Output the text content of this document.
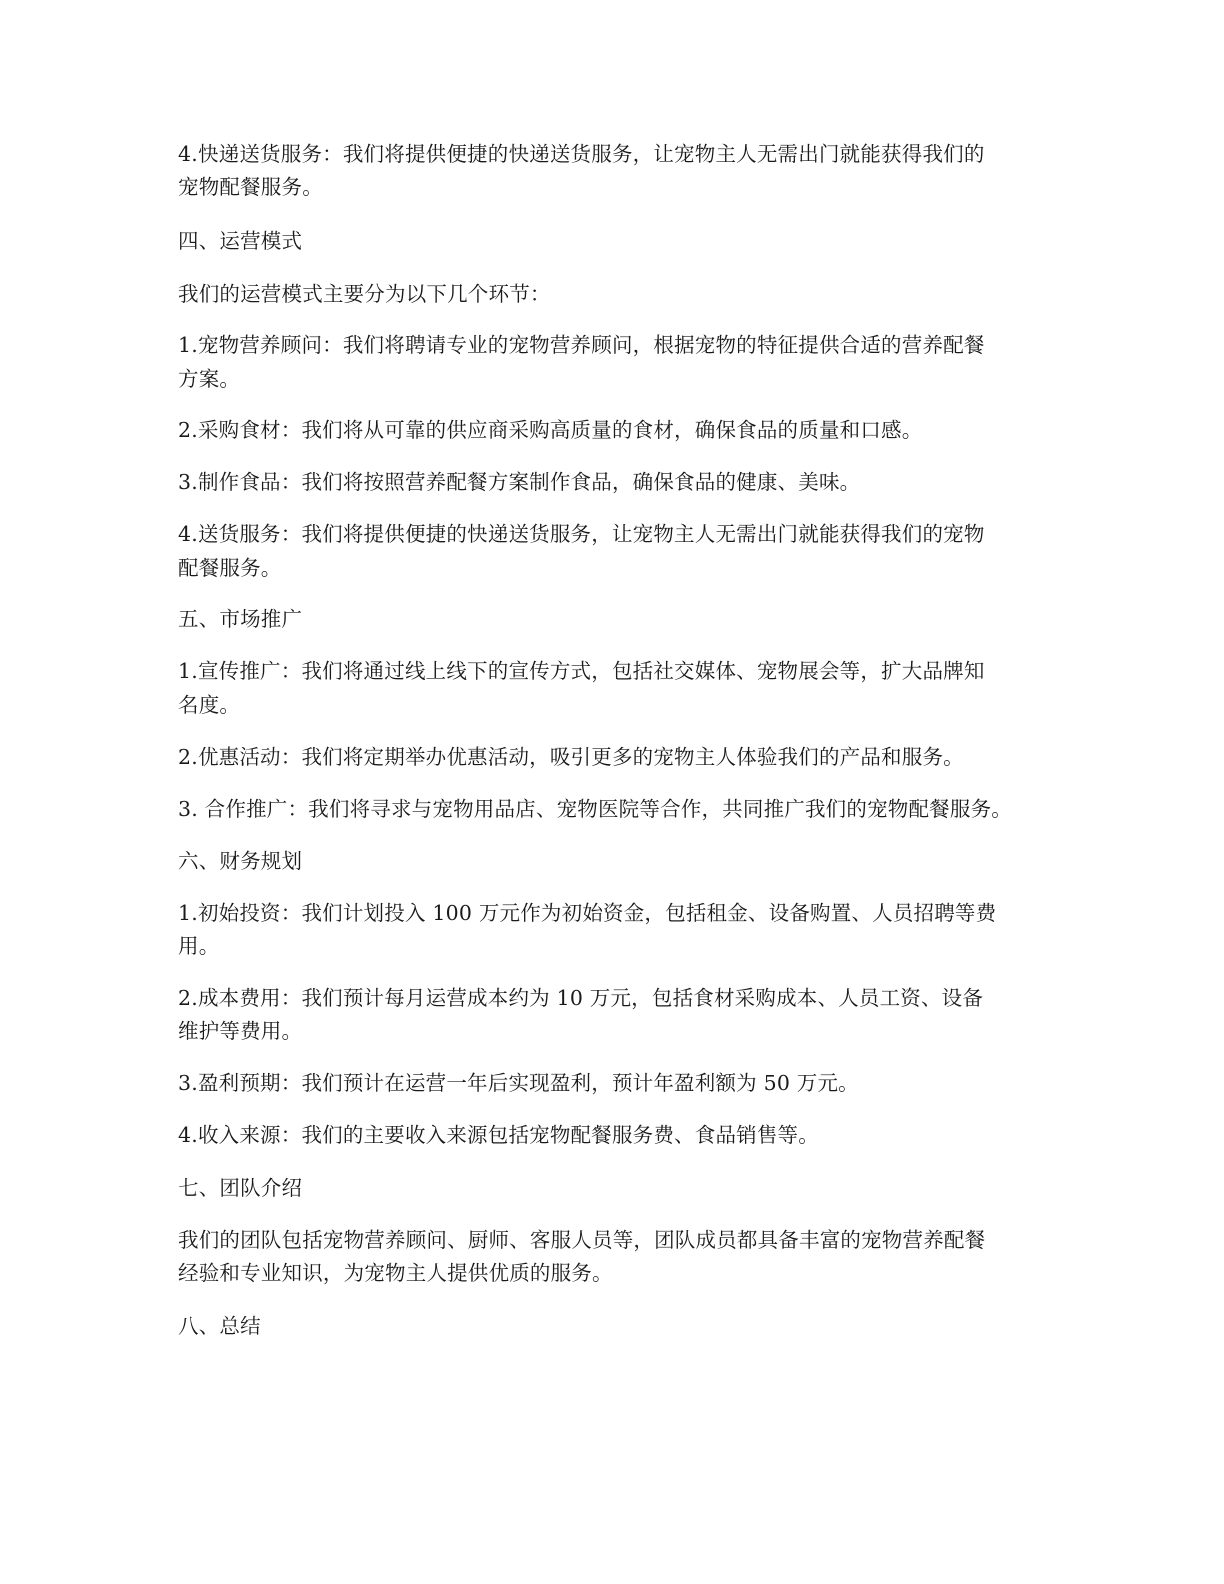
4.快递送货服务：我们将提供便捷的快递送货服务，让宠物主人无需出门就能获得我们的
宠物配餐服务。
四、运营模式
我们的运营模式主要分为以下几个环节：
1.宠物营养顾问：我们将聘请专业的宠物营养顾问，根据宠物的特征提供合适的营养配餐
方案。
2.采购食材：我们将从可靠的供应商采购高质量的食材，确保食品的质量和口感。
3.制作食品：我们将按照营养配餐方案制作食品，确保食品的健康、美味。
4.送货服务：我们将提供便捷的快递送货服务，让宠物主人无需出门就能获得我们的宠物
配餐服务。
五、市场推广
1.宣传推广：我们将通过线上线下的宣传方式，包括社交媒体、宠物展会等，扩大品牌知
名度。
2.优惠活动：我们将定期举办优惠活动，吸引更多的宠物主人体验我们的产品和服务。
3. 合作推广：我们将寻求与宠物用品店、宠物医院等合作，共同推广我们的宠物配餐服务。
六、财务规划
1.初始投资：我们计划投入 100 万元作为初始资金，包括租金、设备购置、人员招聘等费
用。
2.成本费用：我们预计每月运营成本约为 10 万元，包括食材采购成本、人员工资、设备
维护等费用。
3.盈利预期：我们预计在运营一年后实现盈利，预计年盈利额为 50 万元。
4.收入来源：我们的主要收入来源包括宠物配餐服务费、食品销售等。
七、团队介绍
我们的团队包括宠物营养顾问、厨师、客服人员等，团队成员都具备丰富的宠物营养配餐
经验和专业知识，为宠物主人提供优质的服务。
八、总结
